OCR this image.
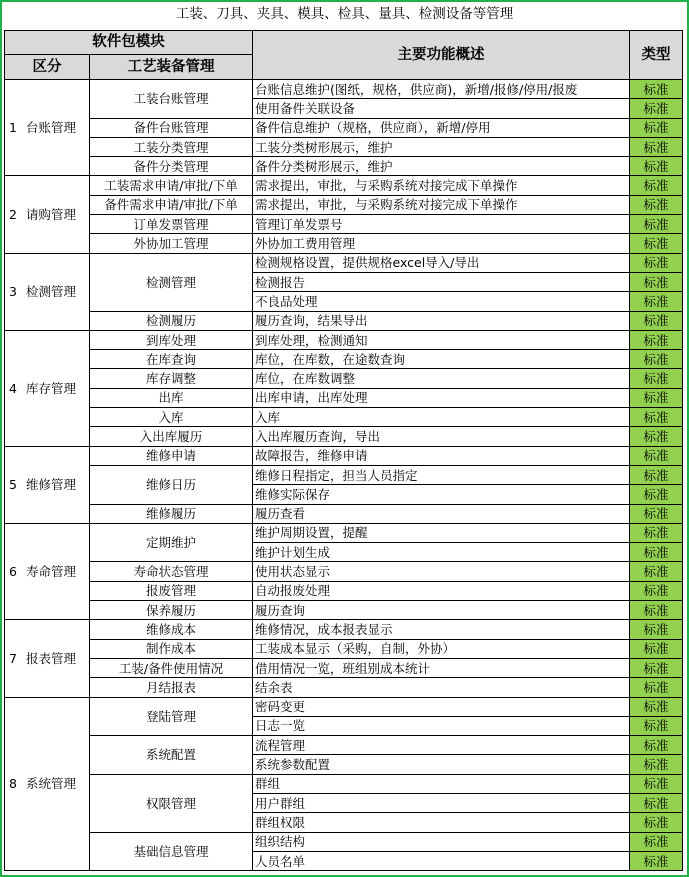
工装、刀具、夹具、模具、检具、量具、检测设备等管理
软件包模块		主要功能概述	类型
区分	工艺装备管理		
1 台账管理	工装台账管理	台账信息维护(图纸，规格，供应商)，新增/报修/停用/报废	标准
		使用备件关联设备	标准
	备件台账管理	备件信息维护（规格，供应商），新增/停用	标准
	工装分类管理	工装分类树形展示，维护	标准
	备件分类管理	备件分类树形展示，维护	标准
2 请购管理	工装需求申请/审批/下单	需求提出，审批，与采购系统对接完成下单操作	标准
	备件需求申请/审批/下单	需求提出，审批，与采购系统对接完成下单操作	标准
	订单发票管理	管理订单发票号	标准
	外协加工管理	外协加工费用管理	标准
3 检测管理	检测管理	检测规格设置，提供规格excel导入/导出	标准
		检测报告	标准
		不良品处理	标准
	检测履历	履历查询，结果导出	标准
4 库存管理	到库处理	到库处理，检测通知	标准
	在库查询	库位，在库数，在途数查询	标准
	库存调整	库位，在库数调整	标准
	出库	出库申请，出库处理	标准
	入库	入库	标准
	入出库履历	入出库履历查询，导出	标准
5 维修管理	维修申请	故障报告，维修申请	标准
	维修日历	维修日程指定，担当人员指定	标准
		维修实际保存	标准
	维修履历	履历查看	标准
6 寿命管理	定期维护	维护周期设置，提醒	标准
		维护计划生成	标准
	寿命状态管理	使用状态显示	标准
	报废管理	自动报废处理	标准
	保养履历	履历查询	标准
7 报表管理	维修成本	维修情况，成本报表显示	标准
	制作成本	工装成本显示（采购，自制，外协）	标准
	工装/备件使用情况	借用情况一览，班组别成本统计	标准
	月结报表	结余表	标准
8 系统管理	登陆管理	密码变更	标准
		日志一览	标准
	系统配置	流程管理	标准
		系统参数配置	标准
	权限管理	群组	标准
		用户群组	标准
		群组权限	标准
	基础信息管理	组织结构	标准
		人员名单	标准
